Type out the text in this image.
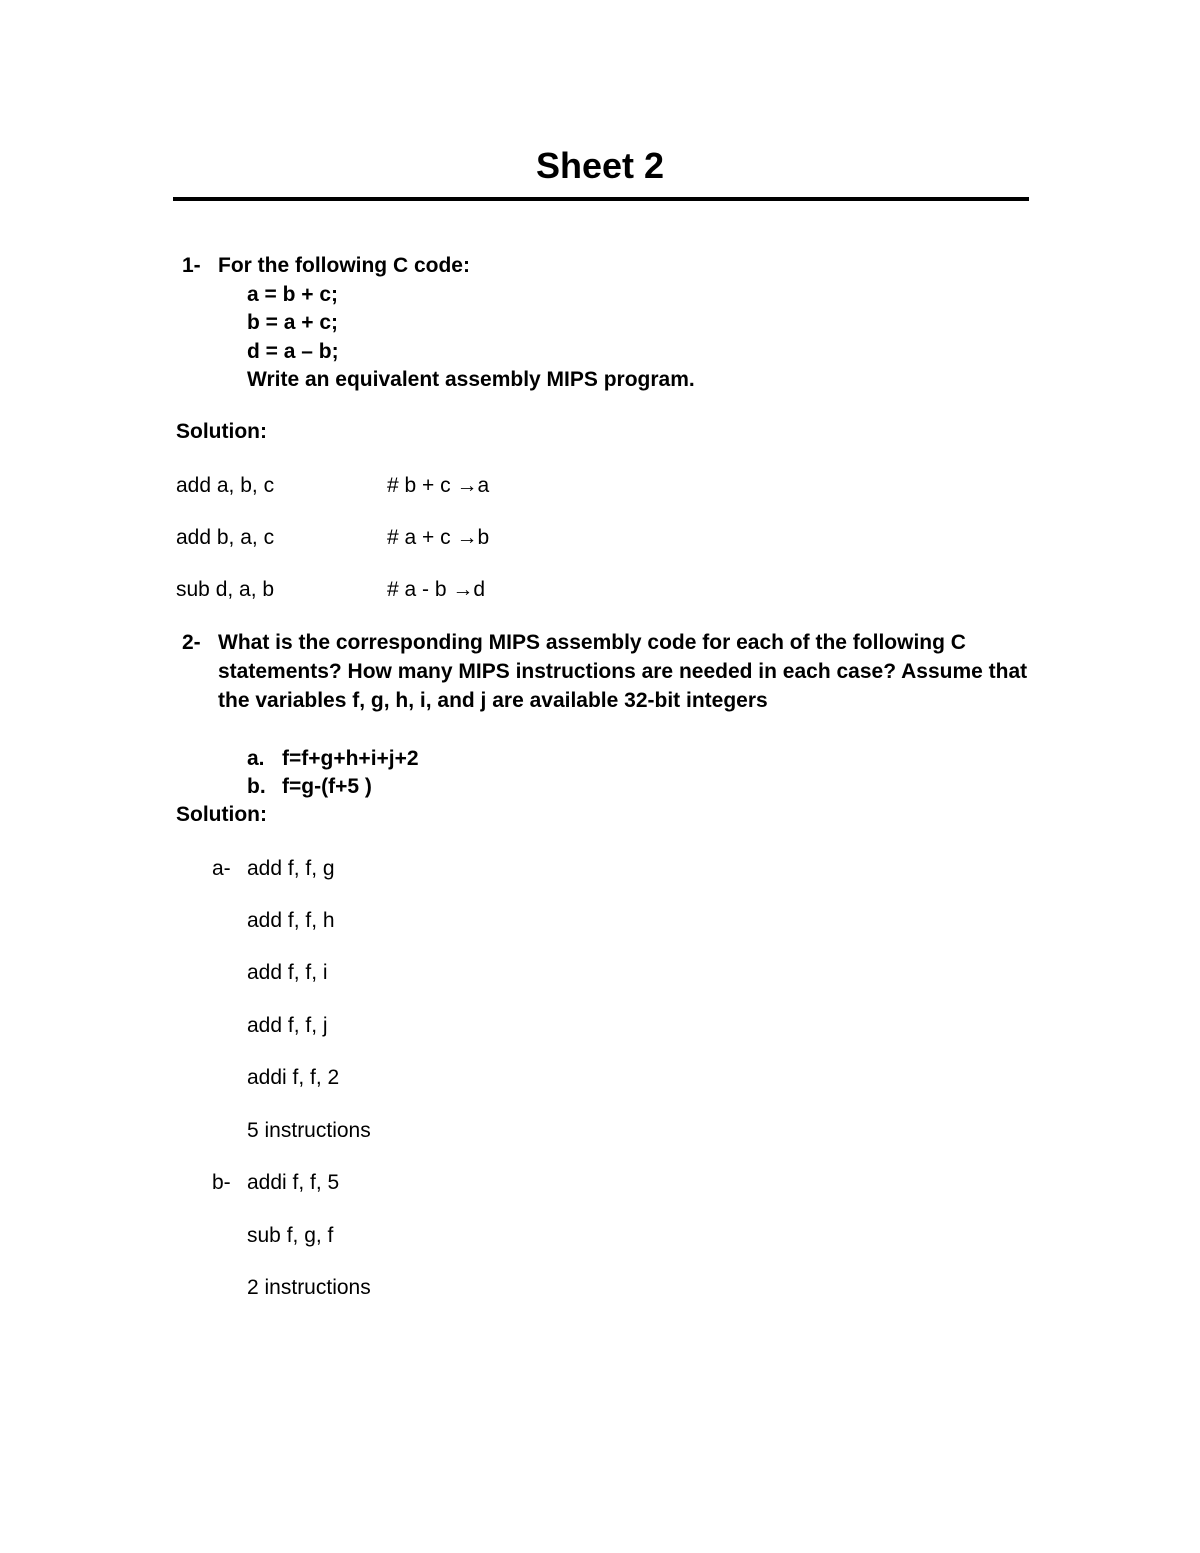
Sheet 2
1- For the following C code:
a = b + c;
b = a + c;
d = a – b;
Write an equivalent assembly MIPS program.
Solution:
add a, b, c	# b + c →a
add b, a, c	# a + c →b
sub d, a, b	# a - b →d
2- What is the corresponding MIPS assembly code for each of the following C
statements? How many MIPS instructions are needed in each case? Assume that
the variables f, g, h, i, and j are available 32-bit integers
a. f=f+g+h+i+j+2
b. f=g-(f+5 )
Solution:
a- add f, f, g
add f, f, h
add f, f, i
add f, f, j
addi f, f, 2
5 instructions
b- addi f, f, 5
sub f, g, f
2 instructions
